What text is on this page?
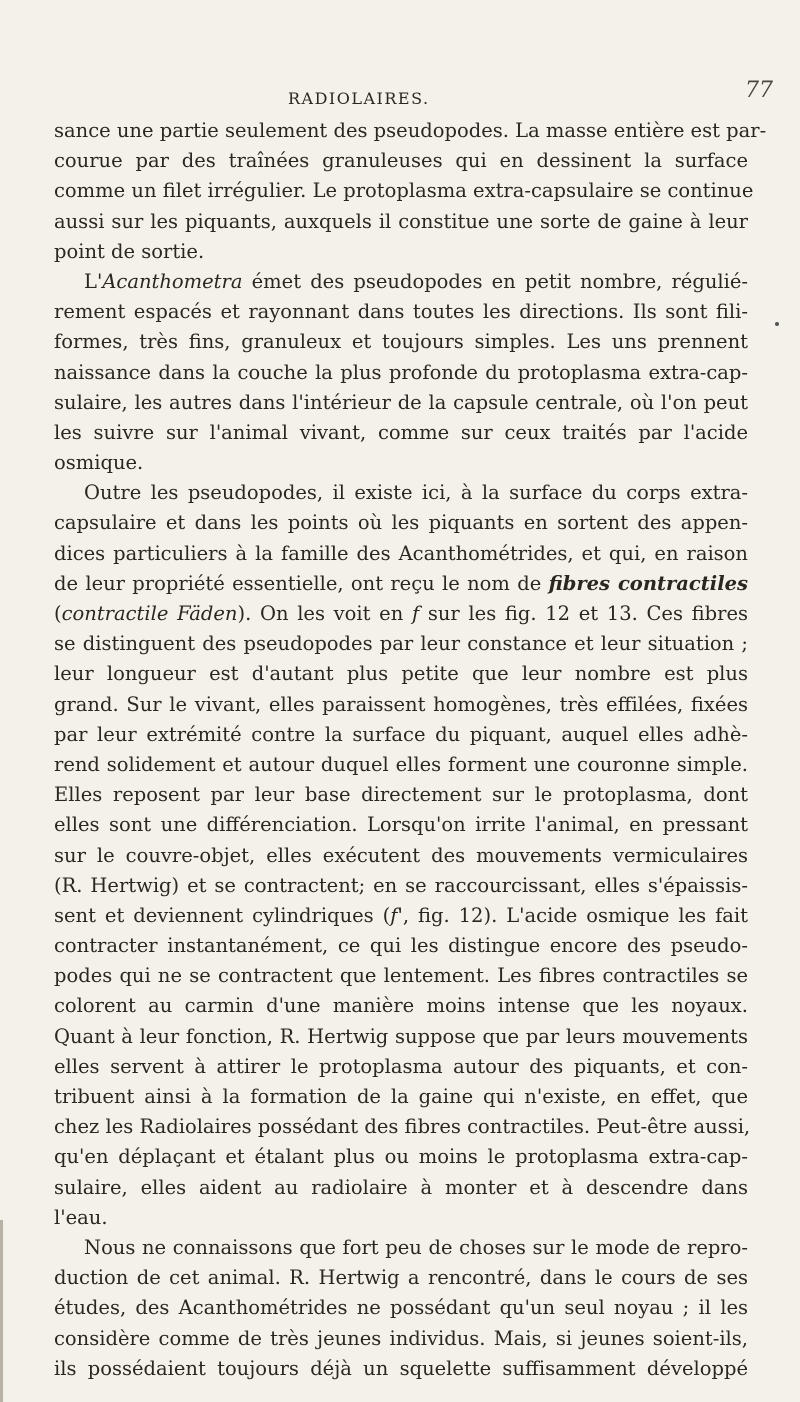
RADIOLAIRES.	77
sance une partie seulement des pseudopodes. La masse entière est par-
courue par des traînées granuleuses qui en dessinent la surface
comme un filet irrégulier. Le protoplasma extra-capsulaire se continue
aussi sur les piquants, auxquels il constitue une sorte de gaine à leur
point de sortie.
L'Acanthometra émet des pseudopodes en petit nombre, régulié-
rement espacés et rayonnant dans toutes les directions. Ils sont fili-
formes, très fins, granuleux et toujours simples. Les uns prennent
naissance dans la couche la plus profonde du protoplasma extra-cap-
sulaire, les autres dans l'intérieur de la capsule centrale, où l'on peut
les suivre sur l'animal vivant, comme sur ceux traités par l'acide
osmique.
Outre les pseudopodes, il existe ici, à la surface du corps extra-
capsulaire et dans les points où les piquants en sortent des appen-
dices particuliers à la famille des Acanthométrides, et qui, en raison
de leur propriété essentielle, ont reçu le nom de fibres contractiles
(contractile Fäden). On les voit en f sur les fig. 12 et 13. Ces fibres
se distinguent des pseudopodes par leur constance et leur situation ;
leur longueur est d'autant plus petite que leur nombre est plus
grand. Sur le vivant, elles paraissent homogènes, très effilées, fixées
par leur extrémité contre la surface du piquant, auquel elles adhè-
rend solidement et autour duquel elles forment une couronne simple.
Elles reposent par leur base directement sur le protoplasma, dont
elles sont une différenciation. Lorsqu'on irrite l'animal, en pressant
sur le couvre-objet, elles exécutent des mouvements vermiculaires
(R. Hertwig) et se contractent; en se raccourcissant, elles s'épaissis-
sent et deviennent cylindriques (f', fig. 12). L'acide osmique les fait
contracter instantanément, ce qui les distingue encore des pseudo-
podes qui ne se contractent que lentement. Les fibres contractiles se
colorent au carmin d'une manière moins intense que les noyaux.
Quant à leur fonction, R. Hertwig suppose que par leurs mouvements
elles servent à attirer le protoplasma autour des piquants, et con-
tribuent ainsi à la formation de la gaine qui n'existe, en effet, que
chez les Radiolaires possédant des fibres contractiles. Peut-être aussi,
qu'en déplaçant et étalant plus ou moins le protoplasma extra-cap-
sulaire, elles aident au radiolaire à monter et à descendre dans
l'eau.
Nous ne connaissons que fort peu de choses sur le mode de repro-
duction de cet animal. R. Hertwig a rencontré, dans le cours de ses
études, des Acanthométrides ne possédant qu'un seul noyau ; il les
considère comme de très jeunes individus. Mais, si jeunes soient-ils,
ils possédaient toujours déjà un squelette suffisamment développé
